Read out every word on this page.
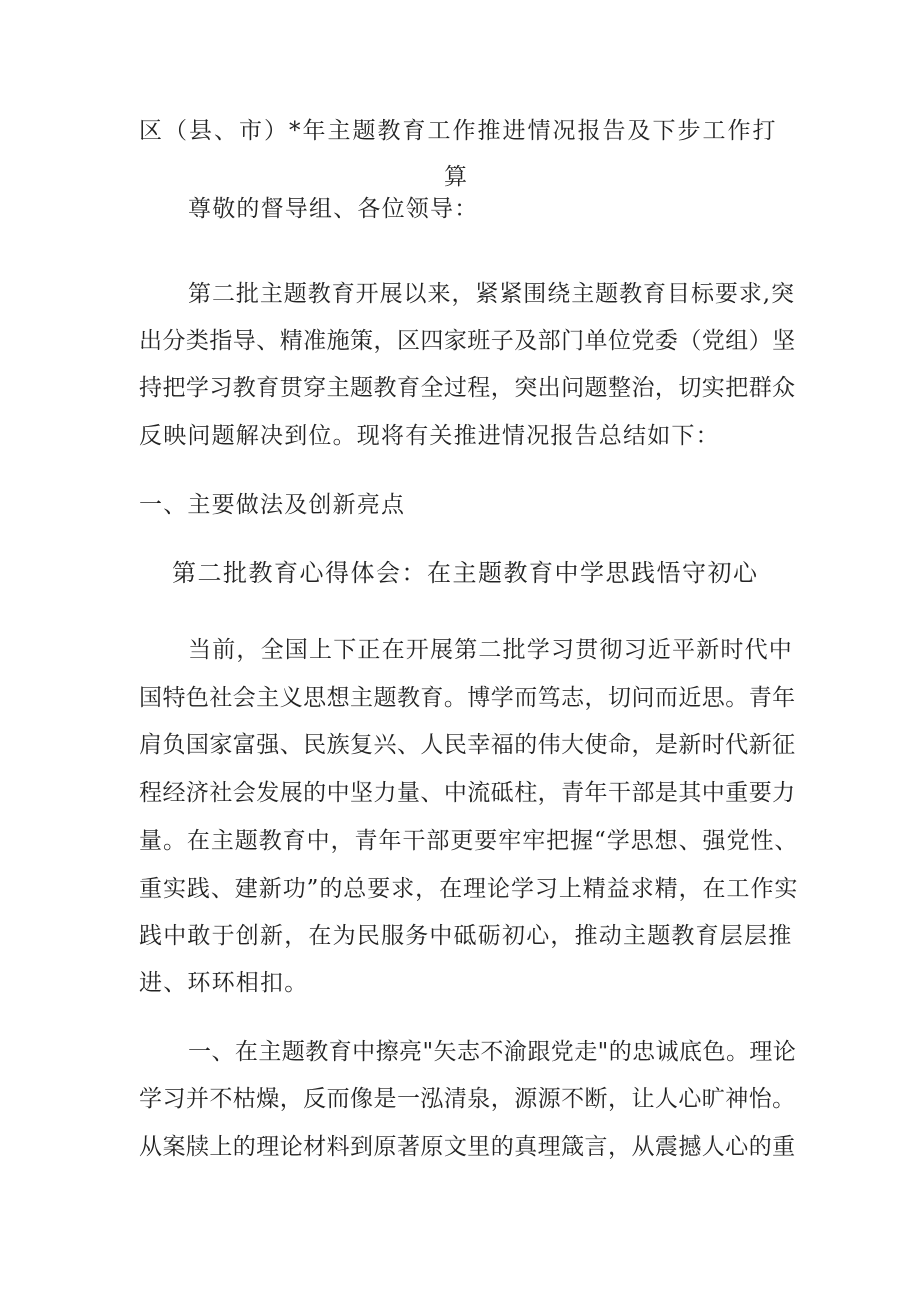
区（县、市）*年主题教育工作推进情况报告及下步工作打
算
尊敬的督导组、各位领导：
第二批主题教育开展以来，紧紧围绕主题教育目标要求,突
出分类指导、精准施策，区四家班子及部门单位党委（党组）坚
持把学习教育贯穿主题教育全过程，突出问题整治，切实把群众
反映问题解决到位。现将有关推进情况报告总结如下：
一、主要做法及创新亮点
第二批教育心得体会：在主题教育中学思践悟守初心
当前，全国上下正在开展第二批学习贯彻习近平新时代中
国特色社会主义思想主题教育。博学而笃志，切问而近思。青年
肩负国家富强、民族复兴、人民幸福的伟大使命，是新时代新征
程经济社会发展的中坚力量、中流砥柱，青年干部是其中重要力
量。在主题教育中，青年干部更要牢牢把握“学思想、强党性、
重实践、建新功”的总要求，在理论学习上精益求精，在工作实
践中敢于创新，在为民服务中砥砺初心，推动主题教育层层推
进、环环相扣。
一、在主题教育中擦亮"矢志不渝跟党走"的忠诚底色。理论
学习并不枯燥，反而像是一泓清泉，源源不断，让人心旷神怡。
从案牍上的理论材料到原著原文里的真理箴言，从震撼人心的重
